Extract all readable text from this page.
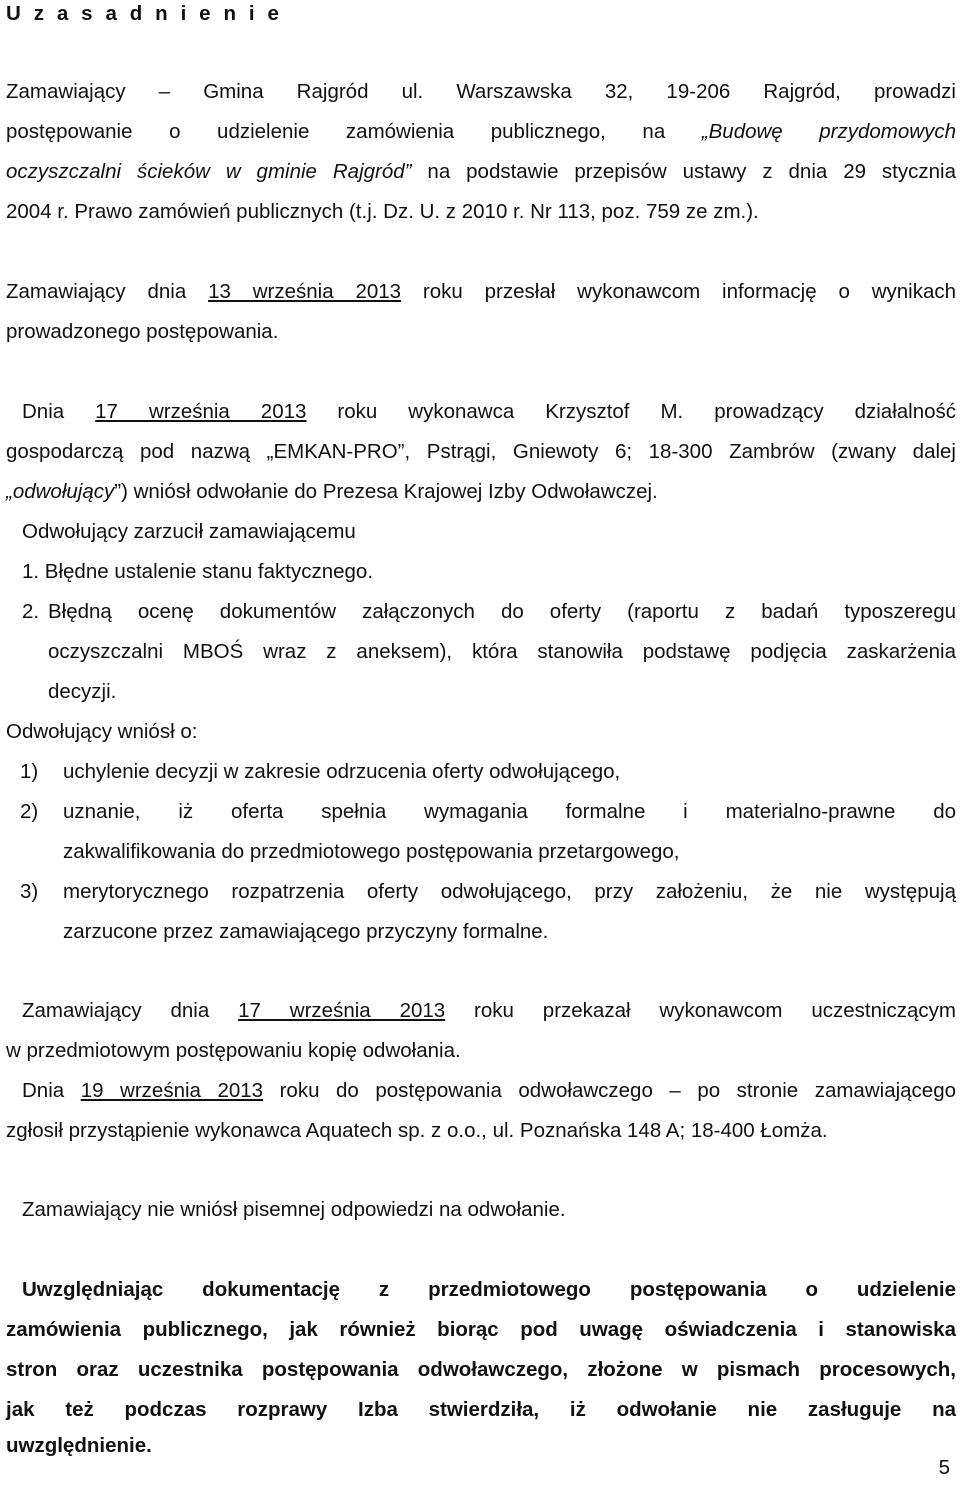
U z a s a d n i e n i e
Zamawiający – Gmina Rajgród ul. Warszawska 32, 19-206 Rajgród, prowadzi
postępowanie o udzielenie zamówienia publicznego, na „Budowę przydomowych
oczyszczalni ścieków w gminie Rajgród” na podstawie przepisów ustawy z dnia 29 stycznia
2004 r. Prawo zamówień publicznych (t.j. Dz. U. z 2010 r. Nr 113, poz. 759 ze zm.).
Zamawiający dnia 13 września 2013 roku przesłał wykonawcom informację o wynikach
prowadzonego postępowania.
Dnia 17 września 2013 roku wykonawca Krzysztof M. prowadzący działalność
gospodarczą pod nazwą „EMKAN-PRO”, Pstrągi, Gniewoty 6; 18-300 Zambrów (zwany dalej
„odwołujący”) wniósł odwołanie do Prezesa Krajowej Izby Odwoławczej.
Odwołujący zarzucił zamawiającemu
1. Błędne ustalenie stanu faktycznego.
2. Błędną ocenę dokumentów załączonych do oferty (raportu z badań typoszeregu
oczyszczalni MBOŚ wraz z aneksem), która stanowiła podstawę podjęcia zaskarżenia
decyzji.
Odwołujący wniósł o:
1) uchylenie decyzji w zakresie odrzucenia oferty odwołującego,
2) uznanie, iż oferta spełnia wymagania formalne i materialno-prawne do
zakwalifikowania do przedmiotowego postępowania przetargowego,
3) merytorycznego rozpatrzenia oferty odwołującego, przy założeniu, że nie występują
zarzucone przez zamawiającego przyczyny formalne.
Zamawiający dnia 17 września 2013 roku przekazał wykonawcom uczestniczącym
w przedmiotowym postępowaniu kopię odwołania.
Dnia 19 września 2013 roku do postępowania odwoławczego – po stronie zamawiającego
zgłosił przystąpienie wykonawca Aquatech sp. z o.o., ul. Poznańska 148 A; 18-400 Łomża.
Zamawiający nie wniósł pisemnej odpowiedzi na odwołanie.
Uwzględniając dokumentację z przedmiotowego postępowania o udzielenie
zamówienia publicznego, jak również biorąc pod uwagę oświadczenia i stanowiska
stron oraz uczestnika postępowania odwoławczego, złożone w pismach procesowych,
jak też podczas rozprawy Izba stwierdziła, iż odwołanie nie zasługuje na
uwzględnienie.
5
